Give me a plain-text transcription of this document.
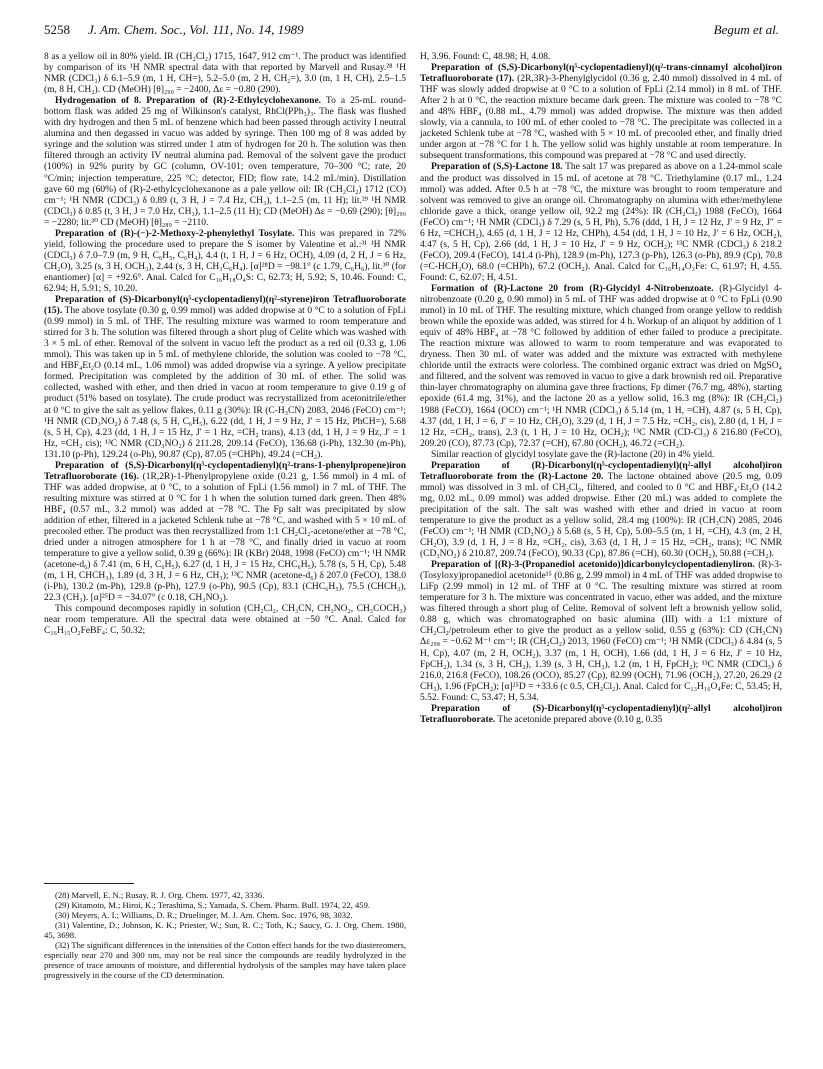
5258 J. Am. Chem. Soc., Vol. 111, No. 14, 1989	Begum et al.

8 as a yellow oil in 80% yield. IR (CH₂Cl₂) 1715, 1647, 912 cm⁻¹. The product was identified by comparison of its ¹H NMR spectral data with that reported by Marvell and Rusay.²⁸ ¹H NMR (CDCl₃) δ 6.1–5.9 (m, 1 H, CH=), 5.2–5.0 (m, 2 H, CH₂=), 3.0 (m, 1 H, CH), 2.5–1.5 (m, 8 H, CH₂). CD (MeOH) [θ]₂₉₀ = −2400, Δε = −0.80 (290).

Hydrogenation of 8. Preparation of (R)-2-Ethylcyclohexanone. To a 25-mL round-bottom flask was added 25 mg of Wilkinson's catalyst, RhCl(PPh₃)₃. The flask was flushed with dry hydrogen and then 5 mL of benzene which had been passed through activity I neutral alumina and then degassed in vacuo was added by syringe. Then 100 mg of 8 was added by syringe and the solution was stirred under 1 atm of hydrogen for 20 h. The solution was then filtered through an activity IV neutral alumina pad. Removal of the solvent gave the product (100%) in 92% purity by GC (column, OV-101; oven temperature, 70–300 °C; rate, 20 °C/min; injection temperature, 225 °C; detector, FID; flow rate, 14.2 mL/min). Distillation gave 60 mg (60%) of (R)-2-ethylcyclohexanone as a pale yellow oil: IR (CH₂Cl₂) 1712 (CO) cm⁻¹; ¹H NMR (CDCl₃) δ 0.89 (t, 3 H, J = 7.4 Hz, CH₃), 1.1–2.5 (m, 11 H); lit.²⁹ ¹H NMR (CDCl₃) δ 0.85 (t, 3 H, J = 7.0 Hz, CH₃), 1.1–2.5 (11 H); CD (MeOH) Δε = −0.69 (290); [θ]₂₉₀ = −2280; lit.³⁰ CD (MeOH) [θ]₂₈₉ = −2110.

Preparation of (R)-(−)-2-Methoxy-2-phenylethyl Tosylate. This was prepared in 72% yield, following the procedure used to prepare the S isomer by Valentine et al.:³¹ ¹H NMR (CDCl₃) δ 7.0–7.9 (m, 9 H, C₆H₅, C₆H₄), 4.4 (t, 1 H, J = 6 Hz, OCH), 4.09 (d, 2 H, J = 6 Hz, CH₂O), 3.25 (s, 3 H, OCH₃), 2.44 (s, 3 H, CH₃C₆H₄). [α]²⁸D = −98.1° (c 1.79, C₆H₆), lit.³⁰ (for enantiomer) [α] = +92.6°. Anal. Calcd for C₁₆H₁₈O₄S: C, 62.73; H, 5.92; S, 10.46. Found: C, 62.94; H, 5.91; S, 10.20.

Preparation of (S)-Dicarbonyl(η⁵-cyclopentadienyl)(η²-styrene)iron Tetrafluoroborate (15). The above tosylate (0.30 g, 0.99 mmol) was added dropwise at 0 °C to a solution of FpLi (0.99 mmol) in 5 mL of THF. The resulting mixture was warmed to room temperature and stirred for 3 h. The solution was filtered through a short plug of Celite which was washed with 3 × 5 mL of ether. Removal of the solvent in vacuo left the product as a red oil (0.33 g, 1.06 mmol). This was taken up in 5 mL of methylene chloride, the solution was cooled to −78 °C, and HBF₄Et₂O (0.14 mL, 1.06 mmol) was added dropwise via a syringe. A yellow precipitate formed. Precipitation was completed by the addition of 30 mL of ether. The solid was collected, washed with ether, and then dried in vacuo at room temperature to give 0.19 g of product (51% based on tosylate). The crude product was recrystallized from acetonitrile/ether at 0 °C to give the salt as yellow flakes, 0.11 g (30%): IR (C-H₃CN) 2083, 2046 (FeCO) cm⁻¹; ¹H NMR (CD₃NO₂) δ 7.48 (s, 5 H, C₆H₅), 6.22 (dd, 1 H, J = 9 Hz, J′ = 15 Hz, PhCH=), 5.68 (s, 5 H, Cp), 4.23 (dd, 1 H, J = 15 Hz, J′ = 1 Hz, =CH₂ trans), 4.13 (dd, 1 H, J = 9 Hz, J′ = 1 Hz, =CH₂ cis); ¹³C NMR (CD₃NO₂) δ 211.28, 209.14 (FeCO), 136.68 (i-Ph), 132.30 (m-Ph), 131.10 (p-Ph), 129.24 (o-Ph), 90.87 (Cp), 87.05 (=CHPh), 49.24 (=CH₂).

Preparation of (S,S)-Dicarbonyl(η⁵-cyclopentadienyl)(η²-trans-1-phenylpropene)iron Tetrafluoroborate (16). (1R,2R)-1-Phenylpropylene oxide (0.21 g, 1.56 mmol) in 4 mL of THF was added dropwise, at 0 °C, to a solution of FpLi (1.56 mmol) in 7 mL of THF. The resulting mixture was stirred at 0 °C for 1 h when the solution turned dark green. Then 48% HBF₄ (0.57 mL, 3.2 mmol) was added at −78 °C. The Fp salt was precipitated by slow addition of ether, filtered in a jacketed Schlenk tube at −78 °C, and washed with 5 × 10 mL of precooled ether. The product was then recrystallized from 1:1 CH₂Cl₂-acetone/ether at −78 °C, dried under a nitrogen atmosphere for 1 h at −78 °C, and finally dried in vacuo at room temperature to give a yellow solid, 0.39 g (66%): IR (KBr) 2048, 1998 (FeCO) cm⁻¹; ¹H NMR (acetone-d₆) δ 7.41 (m, 6 H, C₆H₅), 6.27 (d, 1 H, J = 15 Hz, CHC₆H₅), 5.78 (s, 5 H, Cp), 5.48 (m, 1 H, CHCH₃), 1.89 (d, 3 H, J = 6 Hz, CH₃); ¹³C NMR (acetone-d₆) δ 207.0 (FeCO), 138.0 (i-Ph), 130.2 (m-Ph), 129.8 (p-Ph), 127.9 (o-Ph), 90.5 (Cp), 83.1 (CHC₆H₅), 75.5 (CHCH₃), 22.3 (CH₃). [α]²⁵D = −34.07° (c 0.18, CH₃NO₂).

This compound decomposes rapidly in solution (CH₂Cl₂, CH₃CN, CH₃NO₂, CH₃COCH₃) near room temperature. All the spectral data were obtained at −50 °C. Anal. Calcd for C₁₆H₁₅O₂FeBF₄: C, 50.32;

H, 3.96. Found: C, 48.98; H, 4.08.

Preparation of (S,S)-Dicarbonyl(η⁵-cyclopentadienyl)(η²-trans-cinnamyl alcohol)iron Tetrafluoroborate (17). (2R,3R)-3-Phenylglycidol (0.36 g, 2.40 mmol) dissolved in 4 mL of THF was slowly added dropwise at 0 °C to a solution of FpLi (2.14 mmol) in 8 mL of THF. After 2 h at 0 °C, the reaction mixture became dark green. The mixture was cooled to −78 °C and 48% HBF₄ (0.88 mL, 4.79 mmol) was added dropwise. The mixture was then added slowly, via a cannula, to 100 mL of ether cooled to −78 °C. The precipitate was collected in a jacketed Schlenk tube at −78 °C, washed with 5 × 10 mL of precooled ether, and finally dried under argon at −78 °C for 1 h. The yellow solid was highly unstable at room temperature. In subsequent transformations, this compound was prepared at −78 °C and used directly.

Preparation of (S,S)-Lactone 18. The salt 17 was prepared as above on a 1.24-mmol scale and the product was dissolved in 15 mL of acetone at 78 °C. Triethylamine (0.17 mL, 1.24 mmol) was added. After 0.5 h at −78 °C, the mixture was brought to room temperature and solvent was removed to give an orange oil. Chromatography on alumina with ether/methylene chloride gave a thick, orange yellow oil, 92.2 mg (24%): IR (CH₂Cl₂) 1988 (FeCO), 1664 (FeCO) cm⁻¹; ¹H NMR (CDCl₃) δ 7.29 (s, 5 H, Ph), 5.76 (ddd, 1 H, J = 12 Hz, J′ = 9 Hz, J″ = 6 Hz, =CHCH₂), 4.65 (d, 1 H, J = 12 Hz, CHPh), 4.54 (dd, 1 H, J = 10 Hz, J′ = 6 Hz, OCH₂), 4.47 (s, 5 H, Cp), 2.66 (dd, 1 H, J = 10 Hz, J′ = 9 Hz, OCH₂); ¹³C NMR (CDCl₃) δ 218.2 (FeCO), 209.4 (FeCO), 141.4 (i-Ph), 128.9 (m-Ph), 127.3 (p-Ph), 126.3 (o-Ph), 89.9 (Cp), 70.8 (=C-HCH₂O), 68.0 (=CHPh), 67.2 (OCH₂). Anal. Calcd for C₁₆H₁₄O₃Fe: C, 61.97; H, 4.55. Found: C, 62.07; H, 4.51.

Formation of (R)-Lactone 20 from (R)-Glycidyl 4-Nitrobenzoate. (R)-Glycidyl 4-nitrobenzoate (0.20 g, 0.90 mmol) in 5 mL of THF was added dropwise at 0 °C to FpLi (0.90 mmol) in 10 mL of THF. The resulting mixture, which changed from orange yellow to reddish brown while the epoxide was added, was stirred for 4 h. Workup of an aliquot by addition of 1 equiv of 48% HBF₄ at −78 °C followed by addition of ether failed to produce a precipitate. The reaction mixture was allowed to warm to room temperature and was evaporated to dryness. Then 30 mL of water was added and the mixture was extracted with methylene chloride until the extracts were colorless. The combined organic extract was dried on MgSO₄ and filtered, and the solvent was removed in vacuo to give a dark brownish red oil. Preparative thin-layer chromatography on alumina gave three fractions, Fp dimer (76.7 mg, 48%), starting epoxide (61.4 mg, 31%), and the lactone 20 as a yellow solid, 16.3 mg (8%): IR (CH₂Cl₂) 1988 (FeCO), 1664 (OCO) cm⁻¹; ¹H NMR (CDCl₃) δ 5.14 (m, 1 H, =CH), 4.87 (s, 5 H, Cp), 4.37 (dd, 1 H, J = 6, J′ = 10 Hz, CH₂O), 3.29 (d, 1 H, J = 7.5 Hz, =CH₂, cis), 2.80 (d, 1 H, J = 12 Hz, =CH₂, trans), 2.3 (t, 1 H, J = 10 Hz, OCH₂); ¹³C NMR (CD-Cl₃) δ 216.80 (FeCO), 209.20 (CO), 87.73 (Cp), 72.37 (=CH), 67.80 (OCH₂), 46.72 (=CH₂).

Similar reaction of glycidyl tosylate gave the (R)-lactone (20) in 4% yield.

Preparation of (R)-Dicarbonyl(η⁵-cyclopentadienyl)(η²-allyl alcohol)iron Tetrafluoroborate from the (R)-Lactone 20. The lactone obtained above (20.5 mg, 0.09 mmol) was dissolved in 3 mL of CH₂Cl₂, filtered, and cooled to 0 °C and HBF₄·Et₂O (14.2 mg, 0.02 mL, 0.09 mmol) was added dropwise. Ether (20 mL) was added to complete the precipitation of the salt. The salt was washed with ether and dried in vacuo at room temperature to give the product as a yellow solid, 28.4 mg (100%): IR (CH₃CN) 2085, 2046 (FeCO) cm⁻¹; ¹H NMR (CD₃NO₂) δ 5.68 (s, 5 H, Cp), 5.00–5.5 (m, 1 H, =CH), 4.3 (m, 2 H, CH₂O), 3.9 (d, 1 H, J = 8 Hz, =CH₂, cis), 3.63 (d, 1 H, J = 15 Hz, =CH₂, trans); ¹³C NMR (CD₃NO₂) δ 210.87, 209.74 (FeCO), 90.33 (Cp), 87.86 (=CH), 60.30 (OCH₂), 50.88 (=CH₂).

Preparation of [(R)-3-(Propanediol acetonido)]dicarbonylcyclopentadienyliron. (R)-3-(Tosyloxy)propanediol acetonide¹⁵ (0.86 g, 2.99 mmol) in 4 mL of THF was added dropwise to LiFp (2.99 mmol) in 12 mL of THF at 0 °C. The resulting mixture was stirred at room temperature for 3 h. The mixture was concentrated in vacuo, ether was added, and the mixture was filtered through a short plug of Celite. Removal of solvent left a brownish yellow solid, 0.88 g, which was chromatographed on basic alumina (III) with a 1:1 mixture of CH₂Cl₂/petroleum ether to give the product as a yellow solid, 0.55 g (63%): CD (CH₃CN) Δε₂₉₈ = −0.62 M⁻¹ cm⁻¹; IR (CH₂Cl₂) 2013, 1960 (FeCO) cm⁻¹; ¹H NMR (CDCl₃) δ 4.84 (s, 5 H, Cp), 4.07 (m, 2 H, OCH₂), 3.37 (m, 1 H, OCH), 1.66 (dd, 1 H, J = 6 Hz, J′ = 10 Hz, FpCH₂), 1.34 (s, 3 H, CH₃), 1.39 (s, 3 H, CH₃), 1.2 (m, 1 H, FpCH₂); ¹³C NMR (CDCl₃) δ 216.0, 216.8 (FeCO), 108.26 (OCO), 85.27 (Cp), 82.99 (OCH), 71.96 (OCH₂), 27.20, 26.29 (2 CH₃), 1.96 (FpCH₂); [α]²⁵D = +33.6 (c 0.5, CH₂Cl₂). Anal. Calcd for C₁₃H₁₆O₄Fe: C, 53.45; H, 5.52. Found: C, 53.47; H, 5.34.

Preparation of (S)-Dicarbonyl(η⁵-cyclopentadienyl)(η²-allyl alcohol)iron Tetrafluoroborate. The acetonide prepared above (0.10 g, 0.35

(28) Marvell, E. N.; Rusay, R. J. Org. Chem. 1977, 42, 3336.

(29) Kitamoto, M.; Hiroi, K.; Terashima, S.; Yamada, S. Chem. Pharm. Bull. 1974, 22, 459.

(30) Meyers, A. I.; Williams, D. R.; Druelinger, M. J. Am. Chem. Soc. 1976, 98, 3032.

(31) Valentine, D.; Johnson, K. K.; Priester, W.; Sun, R. C.; Toth, K.; Saucy, G. J. Org. Chem. 1980, 45, 3698.

(32) The significant differences in the intensities of the Cotton effect bands for the two diastereomers, especially near 270 and 300 nm, may not be real since the compounds are readily hydrolyzed in the presence of trace amounts of moisture, and differential hydrolysis of the samples may have taken place progressively in the course of the CD determination.
